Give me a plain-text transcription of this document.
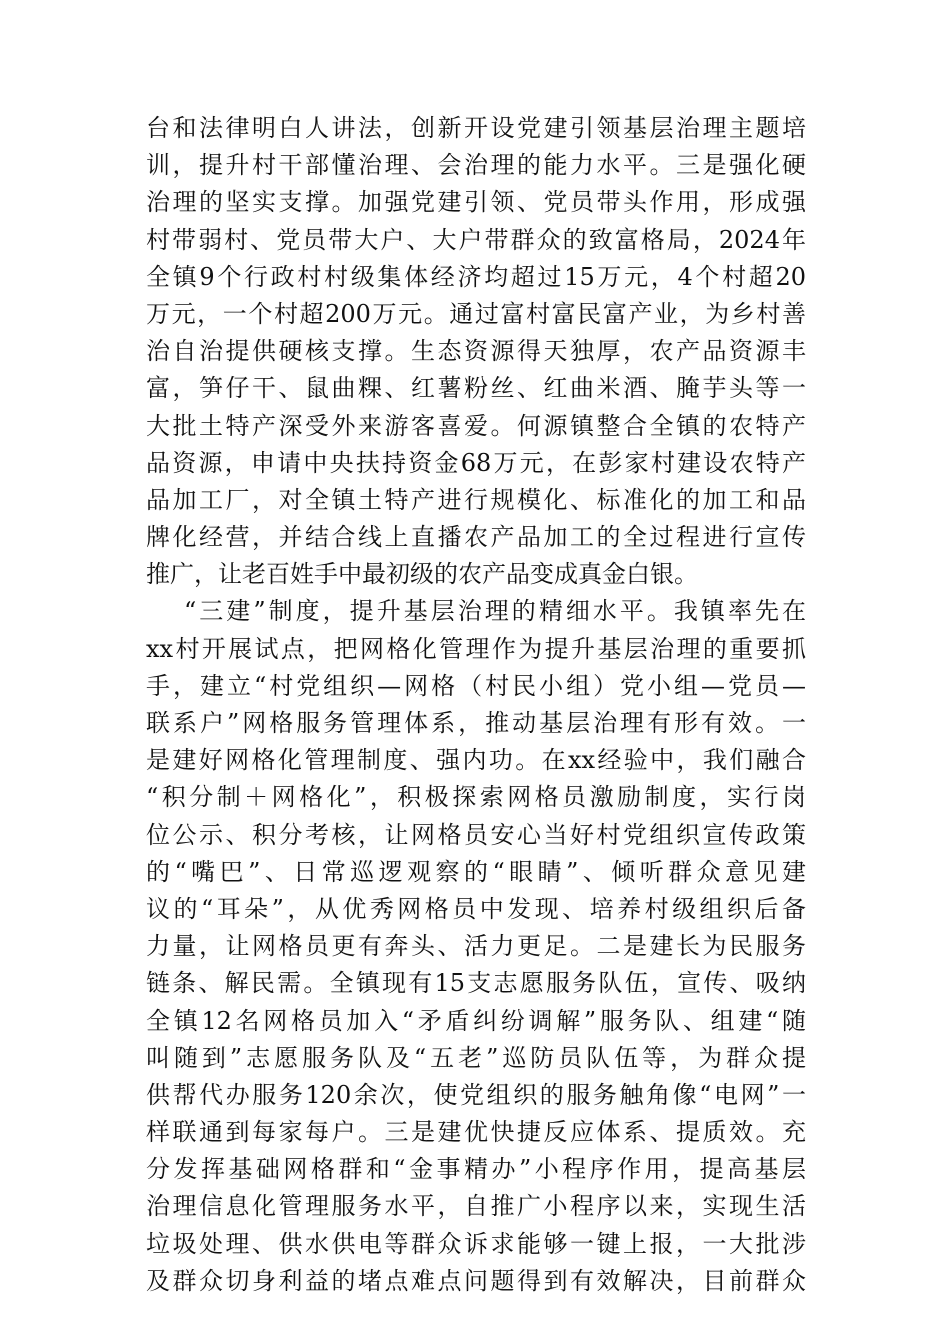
台和法律明白人讲法，创新开设党建引领基层治理主题培
训，提升村干部懂治理、会治理的能力水平。三是强化硬
治理的坚实支撑。加强党建引领、党员带头作用，形成强
村带弱村、党员带大户、大户带群众的致富格局，2024年
全镇9个行政村村级集体经济均超过15万元，4个村超20
万元，一个村超200万元。通过富村富民富产业，为乡村善
治自治提供硬核支撑。生态资源得天独厚，农产品资源丰
富，笋仔干、鼠曲粿、红薯粉丝、红曲米酒、腌芋头等一
大批土特产深受外来游客喜爱。何源镇整合全镇的农特产
品资源，申请中央扶持资金68万元，在彭家村建设农特产
品加工厂，对全镇土特产进行规模化、标准化的加工和品
牌化经营，并结合线上直播农产品加工的全过程进行宣传
推广，让老百姓手中最初级的农产品变成真金白银。
“三建”制度，提升基层治理的精细水平。我镇率先在
xx村开展试点，把网格化管理作为提升基层治理的重要抓
手，建立“村党组织—网格（村民小组）党小组—党员—
联系户”网格服务管理体系，推动基层治理有形有效。一
是建好网格化管理制度、强内功。在xx经验中，我们融合
“积分制＋网格化”，积极探索网格员激励制度，实行岗
位公示、积分考核，让网格员安心当好村党组织宣传政策
的“嘴巴”、日常巡逻观察的“眼睛”、倾听群众意见建
议的“耳朵”，从优秀网格员中发现、培养村级组织后备
力量，让网格员更有奔头、活力更足。二是建长为民服务
链条、解民需。全镇现有15支志愿服务队伍，宣传、吸纳
全镇12名网格员加入“矛盾纠纷调解”服务队、组建“随
叫随到”志愿服务队及“五老”巡防员队伍等，为群众提
供帮代办服务120余次，使党组织的服务触角像“电网”一
样联通到每家每户。三是建优快捷反应体系、提质效。充
分发挥基础网格群和“金事精办”小程序作用，提高基层
治理信息化管理服务水平，自推广小程序以来，实现生活
垃圾处理、供水供电等群众诉求能够一键上报，一大批涉
及群众切身利益的堵点难点问题得到有效解决，目前群众
